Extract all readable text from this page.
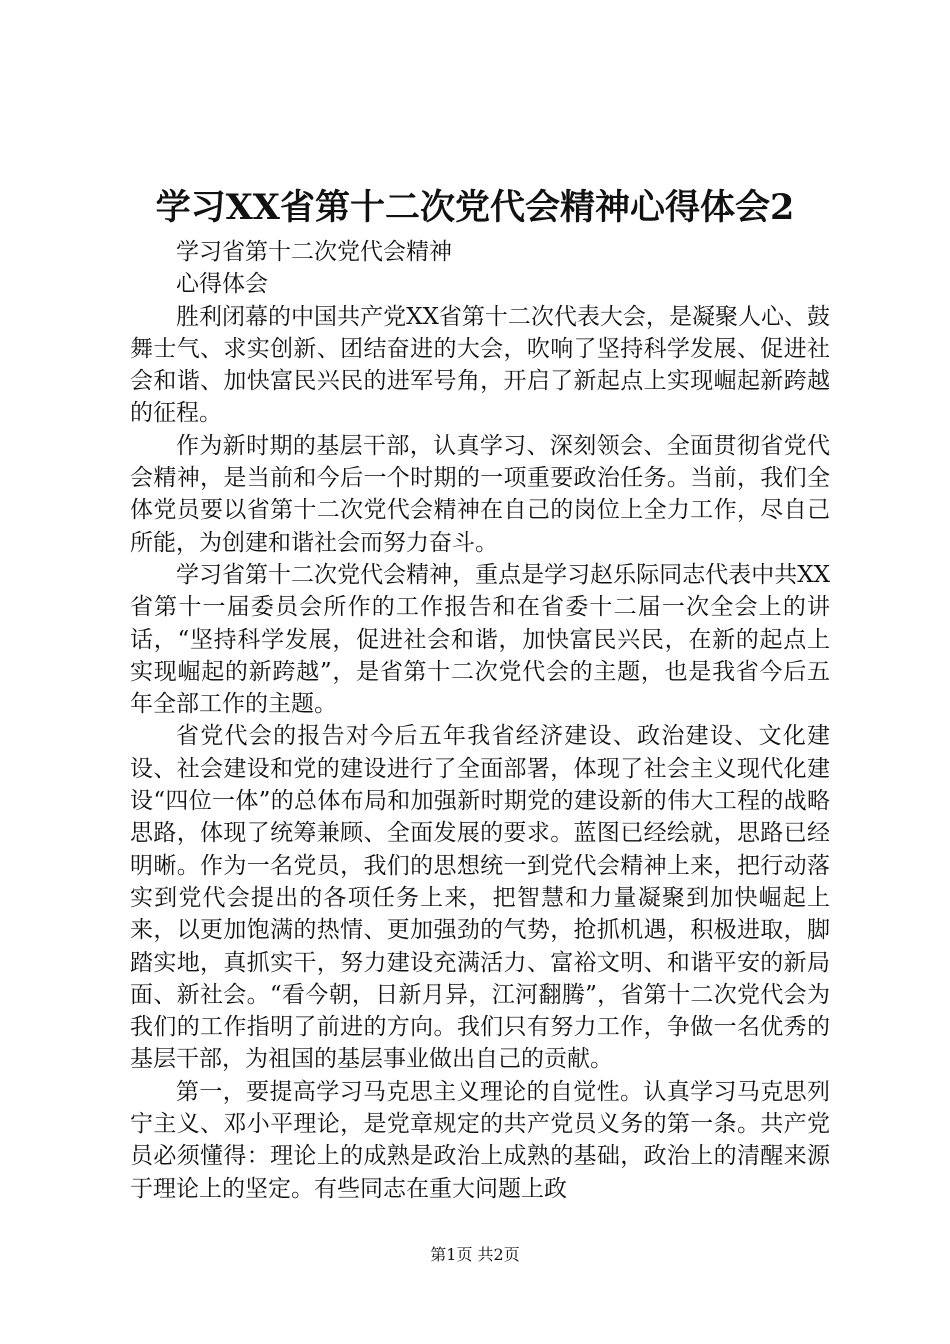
学习XX省第十二次党代会精神心得体会2

学习省第十二次党代会精神

心得体会

胜利闭幕的中国共产党XX省第十二次代表大会，是凝聚人心、鼓舞士气、求实创新、团结奋进的大会，吹响了坚持科学发展、促进社会和谐、加快富民兴民的进军号角，开启了新起点上实现崛起新跨越的征程。

作为新时期的基层干部，认真学习、深刻领会、全面贯彻省党代会精神，是当前和今后一个时期的一项重要政治任务。当前，我们全体党员要以省第十二次党代会精神在自己的岗位上全力工作，尽自己所能，为创建和谐社会而努力奋斗。

学习省第十二次党代会精神，重点是学习赵乐际同志代表中共XX省第十一届委员会所作的工作报告和在省委十二届一次全会上的讲话，“坚持科学发展，促进社会和谐，加快富民兴民，在新的起点上实现崛起的新跨越”，是省第十二次党代会的主题，也是我省今后五年全部工作的主题。

省党代会的报告对今后五年我省经济建设、政治建设、文化建设、社会建设和党的建设进行了全面部署，体现了社会主义现代化建设“四位一体”的总体布局和加强新时期党的建设新的伟大工程的战略思路，体现了统筹兼顾、全面发展的要求。蓝图已经绘就，思路已经明晰。作为一名党员，我们的思想统一到党代会精神上来，把行动落实到党代会提出的各项任务上来，把智慧和力量凝聚到加快崛起上来，以更加饱满的热情、更加强劲的气势，抢抓机遇，积极进取，脚踏实地，真抓实干，努力建设充满活力、富裕文明、和谐平安的新局面、新社会。“看今朝，日新月异，江河翻腾”，省第十二次党代会为我们的工作指明了前进的方向。我们只有努力工作，争做一名优秀的基层干部，为祖国的基层事业做出自己的贡献。

第一，要提高学习马克思主义理论的自觉性。认真学习马克思列宁主义、邓小平理论，是党章规定的共产党员义务的第一条。共产党员必须懂得：理论上的成熟是政治上成熟的基础，政治上的清醒来源于理论上的坚定。有些同志在重大问题上政

第1页 共2页
